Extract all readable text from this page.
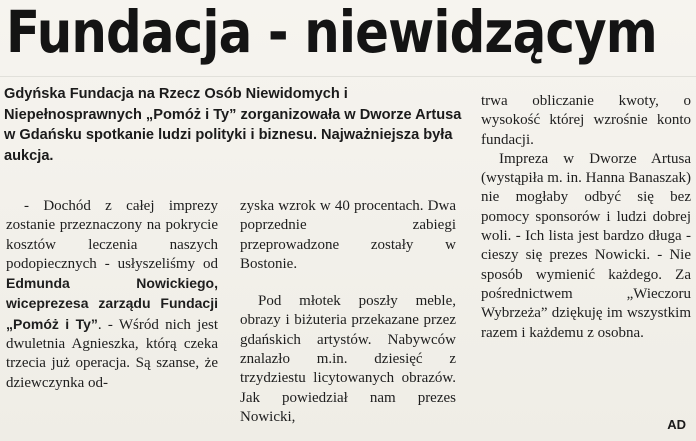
Fundacja - niewidzącym
Gdyńska Fundacja na Rzecz Osób Niewidomych i Niepełnosprawnych „Pomóż i Ty” zorganizowała w Dworze Artusa w Gdańsku spotkanie ludzi polityki i biznesu. Najważniejsza była aukcja.

- Dochód z całej imprezy zostanie przeznaczony na pokrycie kosztów leczenia naszych podopiecznych - usłyszeliśmy od Edmunda Nowickiego, wiceprezesa zarządu Fundacji „Pomóż i Ty”. - Wśród nich jest dwuletnia Agnieszka, którą czeka trzecia już operacja. Są szanse, że dziewczynka od-

zyska wzrok w 40 procentach. Dwa poprzednie zabiegi przeprowadzone zostały w Bostonie.

Pod młotek poszły meble, obrazy i biżuteria przekazane przez gdańskich artystów. Nabywców znalazło m.in. dziesięć z trzydziestu licytowanych obrazów. Jak powiedział nam prezes Nowicki,

trwa obliczanie kwoty, o wysokość której wzrośnie konto fundacji.

Impreza w Dworze Artusa (wystąpiła m. in. Hanna Banaszak) nie mogłaby odbyć się bez pomocy sponsorów i ludzi dobrej woli. - Ich lista jest bardzo długa - cieszy się prezes Nowicki. - Nie sposób wymienić każdego. Za pośrednictwem „Wieczoru Wybrzeża” dziękuję im wszystkim razem i każdemu z osobna.

AD
